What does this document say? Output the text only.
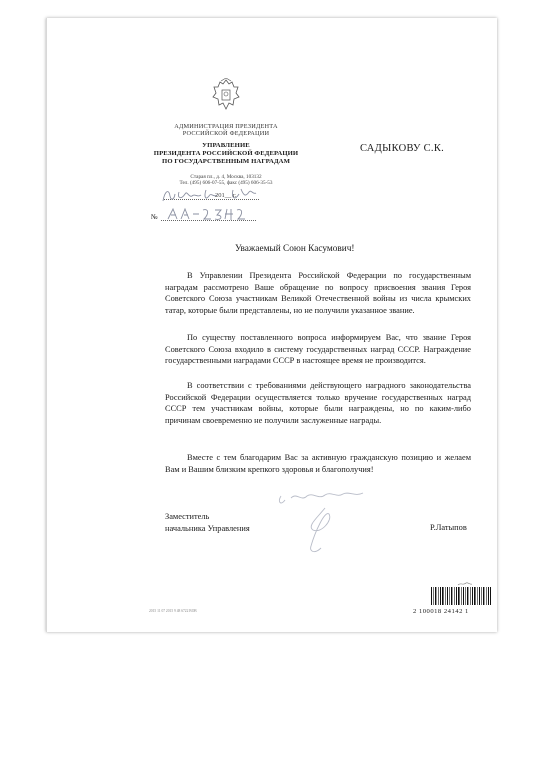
АДМИНИСТРАЦИЯ ПРЕЗИДЕНТА
РОССИЙСКОЙ ФЕДЕРАЦИИ
УПРАВЛЕНИЕ
ПРЕЗИДЕНТА РОССИЙСКОЙ ФЕДЕРАЦИИ
ПО ГОСУДАРСТВЕННЫМ НАГРАДАМ
Старая пл., д. 4, Москва, 103132
Тел. (495) 606-07-55, факс (495) 606-35-53
САДЫКОВУ С.К.
201__ г.
№
Уважаемый Союн Касумович!

В Управлении Президента Российской Федерации по государственным наградам рассмотрено Ваше обращение по вопросу присвоения звания Героя Советского Союза участникам Великой Отечественной войны из числа крымских татар, которые были представлены, но не получили указанное звание.

По существу поставленного вопроса информируем Вас, что звание Героя Советского Союза входило в систему государственных наград СССР. Награждение государственными наградами СССР в настоящее время не производится.

В соответствии с требованиями действующего наградного законодательства Российской Федерации осуществляется только вручение государственных наград СССР тем участникам войны, которые были награждены, но по каким-либо причинам своевременно не получили заслуженные награды.

Вместе с тем благодарим Вас за активную гражданскую позицию и желаем Вам и Вашим близким крепкого здоровья и благополучия!

Заместитель
начальника Управления	Р.Латыпов
2015 11 07 2015 9 48 6722 ВОВ	2 100018 24142 1
